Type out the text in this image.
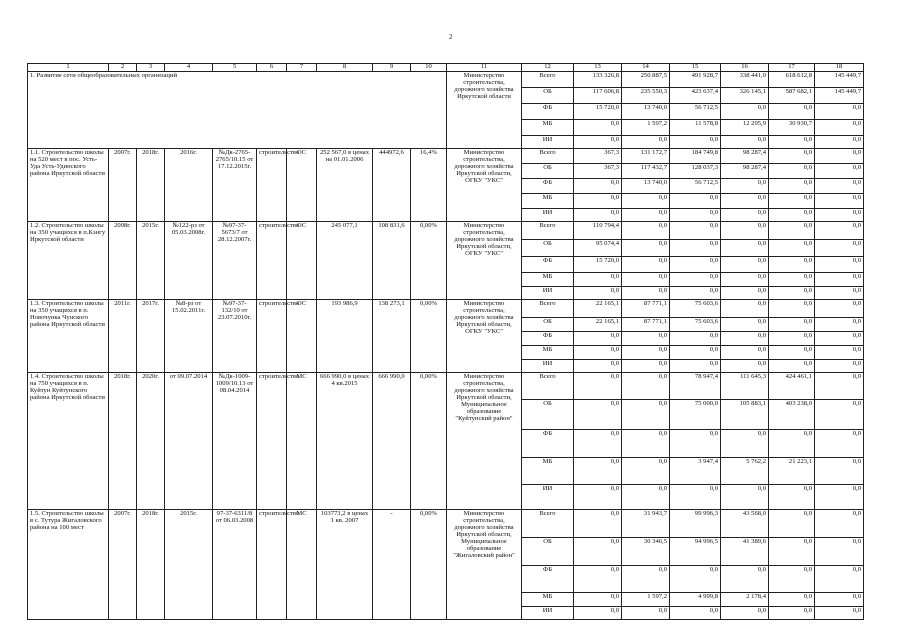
2
1	2	3	4	5	6	7	8	9	10	11	12	13	14	15	16	17	18
1. Развитие сети общеобразовательных организаций										Министерство строительства, дорожного хозяйства Иркутской области	Всего	133 326,8	250 887,5	491 928,7	338 441,0	618 612,8	145 449,7
											ОБ	117 606,8	235 550,3	423 637,4	326 145,1	587 682,1	145 449,7
											ФБ	15 720,0	13 740,0	56 712,5	0,0	0,0	0,0
											МБ	0,0	1 597,2	11 578,8	12 295,9	30 930,7	0,0
											ИИ	0,0	0,0	0,0	0,0	0,0	0,0
1.1. Строительство школы на 520 мест в пос. Усть-Уда Усть-Удинского района Иркутской области	2007г.	2018г.	2016г.	№Дк-2765-2765/10.15 от 17.12.2015г.	строительство	ОС	252 567,0 в ценах на 01.01.2006	444972,6	16,4%	Министерство строительства, дорожного хозяйства Иркутской области, ОГКУ "УКС"	Всего	367,3	131 172,7	184 749,8	98 287,4	0,0	0,0
											ОБ	367,3	117 432,7	128 037,3	98 287,4	0,0	0,0
											ФБ	0,0	13 740,0	56 712,5	0,0	0,0	0,0
											МБ	0,0	0,0	0,0	0,0	0,0	0,0
											ИИ	0,0	0,0	0,0	0,0	0,0	0,0
1.2. Строительство школы на 350 учащихся в п.Кэнгу Иркутской области	2008г.	2015г.	№122-рз от 05.03.2008г.	№97-37-5673/7 от 28.12.2007г.	строительство	ОС	245 077,1	108 831,6	0,00%	Министерство строительства, дорожного хозяйства Иркутской области, ОГКУ "УКС"	Всего	110 794,4	0,0	0,0	0,0	0,0	0,0
											ОБ	95 074,4	0,0	0,0	0,0	0,0	0,0
											ФБ	15 720,0	0,0	0,0	0,0	0,0	0,0
											МБ	0,0	0,0	0,0	0,0	0,0	0,0
											ИИ	0,0	0,0	0,0	0,0	0,0	0,0
1.3. Строительство школы на 350 учащихся в п. Новочунка Чунского района Иркутской области	2011г.	2017г.	№8-рз от 15.02.2011г.	№97-37-132/10 от 23.07.2010г.	строительство	ОС	193 986,9	138 273,1	0,00%	Министерство строительства, дорожного хозяйства Иркутской области, ОГКУ "УКС"	Всего	22 165,1	87 771,1	75 603,6	0,0	0,0	0,0
											ОБ	22 165,1	87 771,1	75 603,6	0,0	0,0	0,0
											ФБ	0,0	0,0	0,0	0,0	0,0	0,0
											МБ	0,0	0,0	0,0	0,0	0,0	0,0
											ИИ	0,0	0,0	0,0	0,0	0,0	0,0
1.4. Строительство школы на 750 учащихся в п. Куйтун Куйтунского района Иркутской области	2018г.	2020г.	от 09.07.2014	№Дк-1009-1009/10.13 от 08.04.2014	строительство	МС	666 990,0 в ценах 4 кв.2015	666 990,0	0,00%	Министерство строительства, дорожного хозяйства Иркутской области, Муниципальное образование "Куйтунский район"	Всего	0,0	0,0	78 947,4	111 645,3	424 461,1	0,0
											ОБ	0,0	0,0	75 000,0	105 883,1	403 238,0	0,0
											ФБ	0,0	0,0	0,0	0,0	0,0	0,0
											МБ	0,0	0,0	3 947,4	5 762,2	21 223,1	0,0
											ИИ	0,0	0,0	0,0	0,0	0,0	0,0
1.5. Строительство школы в с. Тутура Жигаловского района на 100 мест	2007г.	2018г.	2015г.	97-37-6311/8 от 06.03.2008	строительство	МС	103773,2 в ценах 1 кв. 2007	-	0,00%	Министерство строительства, дорожного хозяйства Иркутской области, Муниципальное образование "Жигаловский район"	Всего	0,0	31 943,7	99 996,3	43 568,0	0,0	0,0
											ОБ	0,0	30 346,5	94 996,5	41 389,6	0,0	0,0
											ФБ	0,0	0,0	0,0	0,0	0,0	0,0
											МБ	0,0	1 597,2	4 999,8	2 178,4	0,0	0,0
											ИИ	0,0	0,0	0,0	0,0	0,0	0,0
